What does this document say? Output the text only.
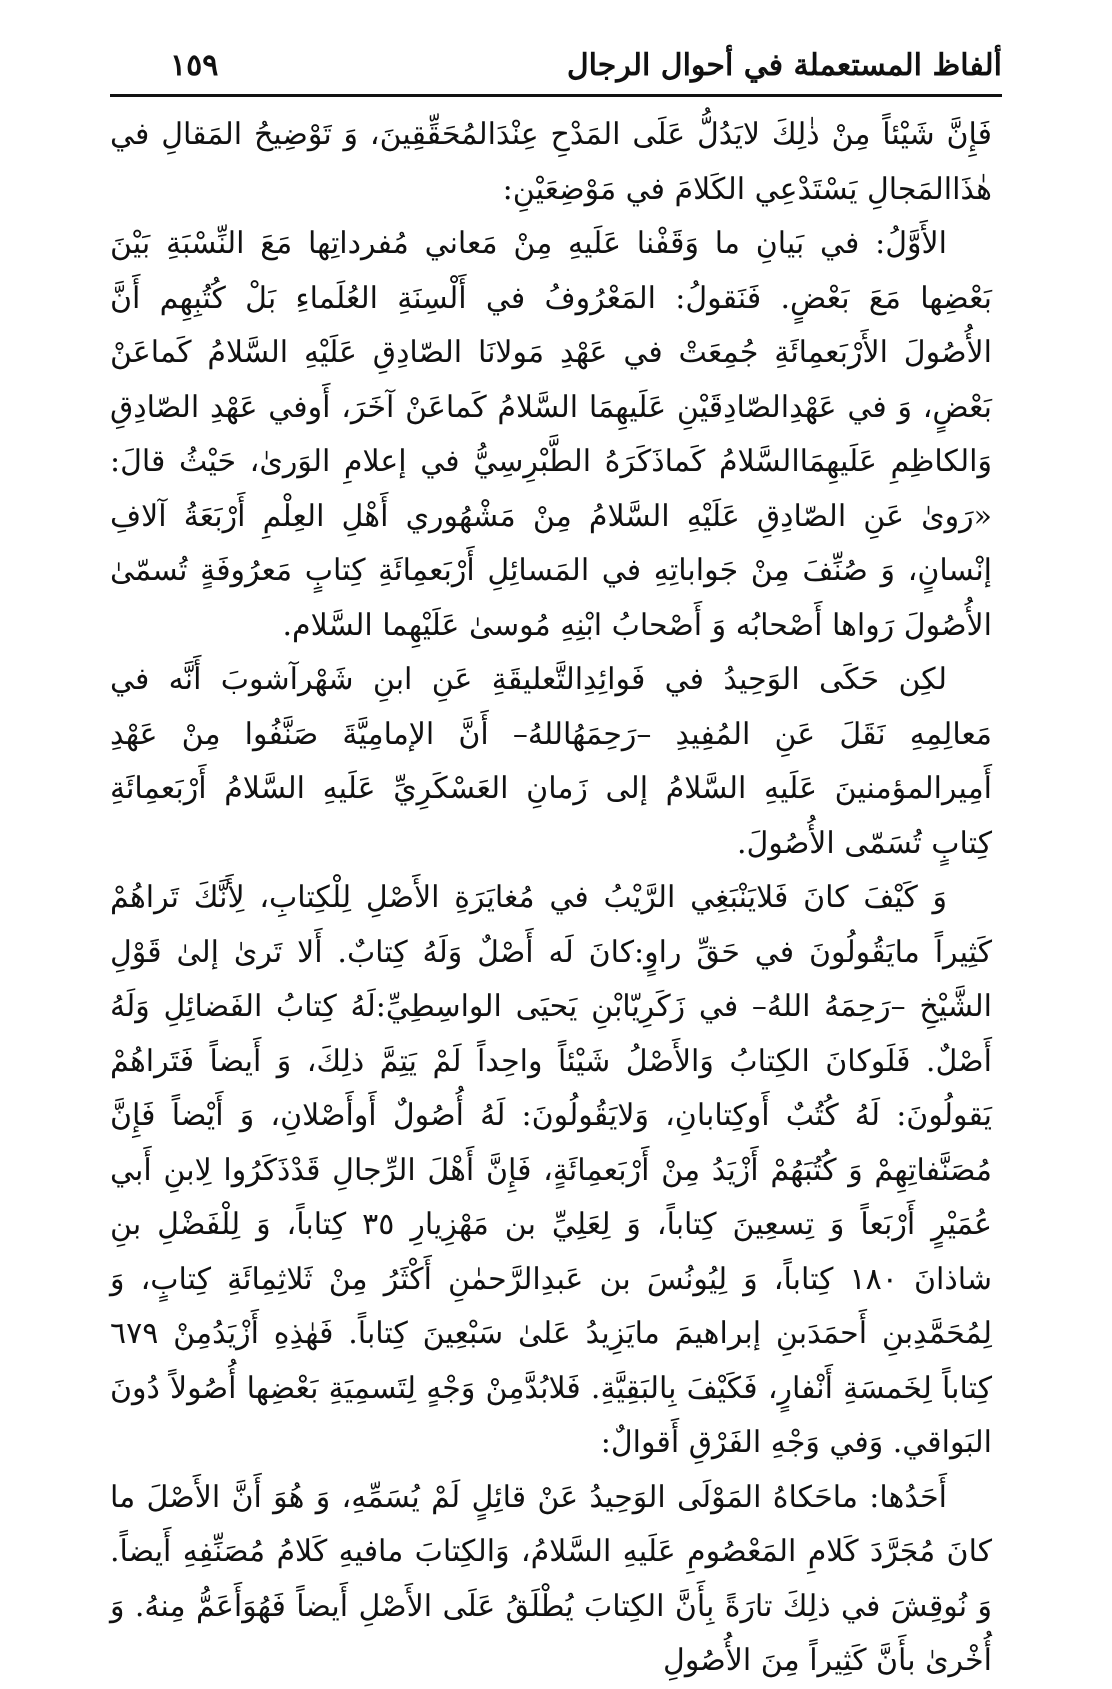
ألفاظ المستعملة في أحوال الرجال
١٥٩

فَإِنَّ شَيْئاً مِنْ ذٰلِكَ لايَدُلُّ عَلَى المَدْحِ عِنْدَالمُحَقِّقِينَ، وَ تَوْضِيحُ المَقالِ في هٰذَاالمَجالِ يَسْتَدْعِي الكَلامَ في مَوْضِعَيْنِ:

الأَوَّلُ: في بَيانِ ما وَقَفْنا عَلَيهِ مِنْ مَعاني مُفرداتِها مَعَ النِّسْبَةِ بَيْنَ بَعْضِها مَعَ بَعْضٍ. فَنَقولُ: المَعْرُوفُ في أَلْسِنَةِ العُلَماءِ بَلْ كُتُبِهِم أَنَّ الأُصُولَ الأَرْبَعمِائَةِ جُمِعَتْ في عَهْدِ مَولانَا الصّادِقِ عَلَيْهِ السَّلامُ كَماعَنْ بَعْضٍ، وَ في عَهْدِالصّادِقَيْنِ عَلَيهِمَا السَّلامُ كَماعَنْ آخَرَ، أَوفي عَهْدِ الصّادِقِ وَالكاظِمِ عَلَيهِمَاالسَّلامُ كَماذَكَرَهُ الطَّبْرِسِيُّ في إعلامِ الوَرىٰ، حَيْثُ قالَ: «رَوىٰ عَنِ الصّادِقِ عَلَيْهِ السَّلامُ مِنْ مَشْهُوري أَهْلِ العِلْمِ أَرْبَعَةُ آلافِ إنْسانٍ، وَ صُنِّفَ مِنْ جَواباتِهِ في المَسائِلِ أَرْبَعمِائَةِ كِتابٍ مَعرُوفَةٍ تُسمّىٰ الأُصُولَ رَواها أَصْحابُه وَ أَصْحابُ ابْنِهِ مُوسىٰ عَلَيْهِما السَّلام.

لكِن حَكَى الوَحِيدُ في فَوائِدِالتَّعليقَةِ عَنِ ابنِ شَهْرآشوبَ أَنَّه في مَعالِمِهِ نَقَلَ عَنِ المُفِيدِ –رَحِمَهُاللهُ– أَنَّ الإمامِيَّةَ صَنَّفُوا مِنْ عَهْدِ أَمِيرالمؤمنينَ عَلَيهِ السَّلامُ إلى زَمانِ العَسْكَرِيِّ عَلَيهِ السَّلامُ أَرْبَعمِائَةِ كِتابٍ تُسَمّى الأُصُولَ.

وَ كَيْفَ كانَ فَلايَنْبَغِي الرَّيْبُ في مُغايَرَةِ الأَصْلِ لِلْكِتابِ، لِأَنَّكَ تَراهُمْ كَثِيراً مايَقُولُونَ في حَقِّ راوٍ:كانَ لَه أَصْلٌ وَلَهُ كِتابٌ. أَلا تَرىٰ إلىٰ قَوْلِ الشَّيْخِ –رَحِمَهُ اللهُ– في زَكَرِيّابْنِ يَحيَى الواسِطِيِّ:لَهُ كِتابُ الفَضائِلِ وَلَهُ أَصْلٌ. فَلَوكانَ الكِتابُ وَالأَصْلُ شَيْئاً واحِداً لَمْ يَتِمَّ ذلِكَ، وَ أَيضاً فَتَراهُمْ يَقولُونَ: لَهُ كُتُبٌ أَوكِتابانِ، وَلايَقُولُونَ: لَهُ أُصُولٌ أَوأَصْلانِ، وَ أَيْضاً فَإِنَّ مُصَنَّفاتِهِمْ وَ كُتُبَهُمْ أَزْيَدُ مِنْ أَرْبَعمِائَةٍ، فَإِنَّ أَهْلَ الرِّجالِ قَدْذَكَرُوا لِابنِ أَبي عُمَيْرٍ أَرْبَعاً وَ تِسعِينَ كِتاباً، وَ لِعَلِيِّ بن مَهْزِيارِ ٣٥ كِتاباً، وَ لِلْفَضْلِ بنِ شاذانَ ١٨٠ كِتاباً، وَ لِيُونُسَ بن عَبدِالرَّحمٰنِ أَكْثَرُ مِنْ ثَلاثِمِائَةِ كِتابٍ، وَ لِمُحَمَّدِبنِ أَحمَدَبنِ إبراهيمَ مايَزِيدُ عَلىٰ سَبْعِينَ كِتاباً. فَهٰذِهِ أَزْيَدُمِنْ ٦٧٩ كِتاباً لِخَمسَةِ أَنْفارٍ، فَكَيْفَ بِالبَقِيَّةِ. فَلابُدَّمِنْ وَجْهٍ لِتَسمِيَةِ بَعْضِها أُصُولاً دُونَ البَواقي. وَفي وَجْهِ الفَرْقِ أَقوالٌ:

أَحَدُها: ماحَكاهُ المَوْلَى الوَحِيدُ عَنْ قائِلٍ لَمْ يُسَمِّهِ، وَ هُوَ أَنَّ الأَصْلَ ما كانَ مُجَرَّدَ كَلامِ المَعْصُومِ عَلَيهِ السَّلامُ، وَالكِتابَ مافيهِ كَلامُ مُصَنِّفِهِ أَيضاً. وَ نُوقِشَ في ذلِكَ تارَةً بِأَنَّ الكِتابَ يُطْلَقُ عَلَى الأَصْلِ أَيضاً فَهُوَأَعَمُّ مِنهُ. وَ أُخْرىٰ بأَنَّ كَثِيراً مِنَ الأُصُولِ
